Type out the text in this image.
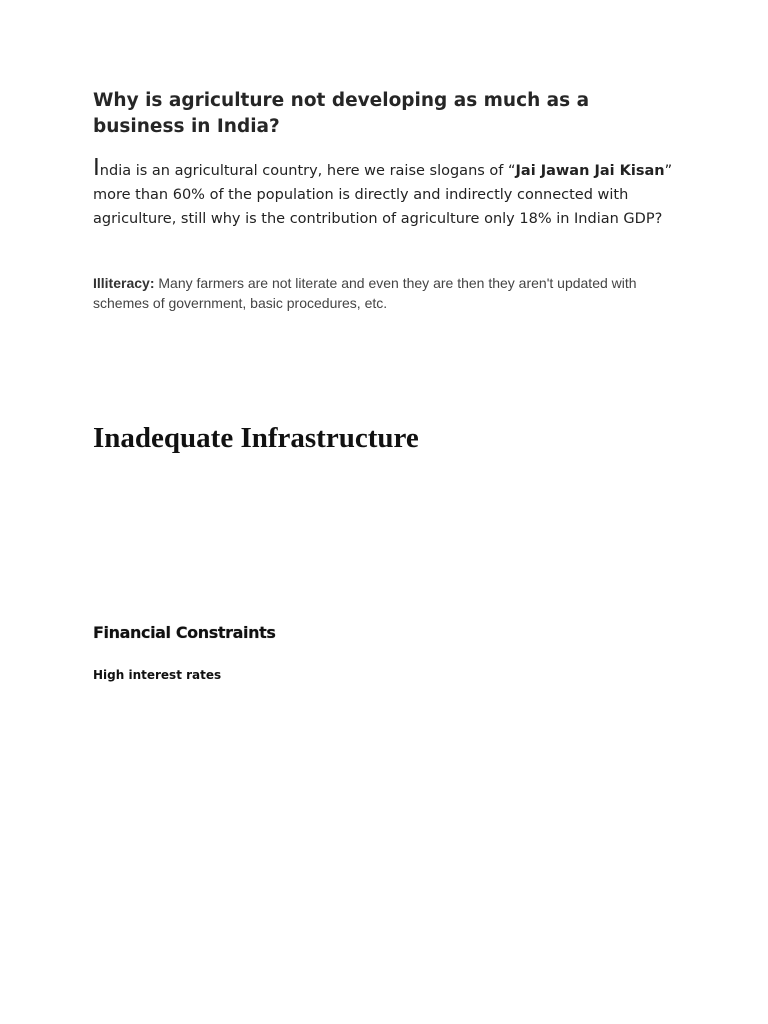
Why is agriculture not developing as much as a business in India?

India is an agricultural country, here we raise slogans of “Jai Jawan Jai Kisan” more than 60% of the population is directly and indirectly connected with agriculture, still why is the contribution of agriculture only 18% in Indian GDP?

Illiteracy: Many farmers are not literate and even they are then they aren't updated with schemes of government, basic procedures, etc.

Inadequate Infrastructure
Financial Constraints

High interest rates
